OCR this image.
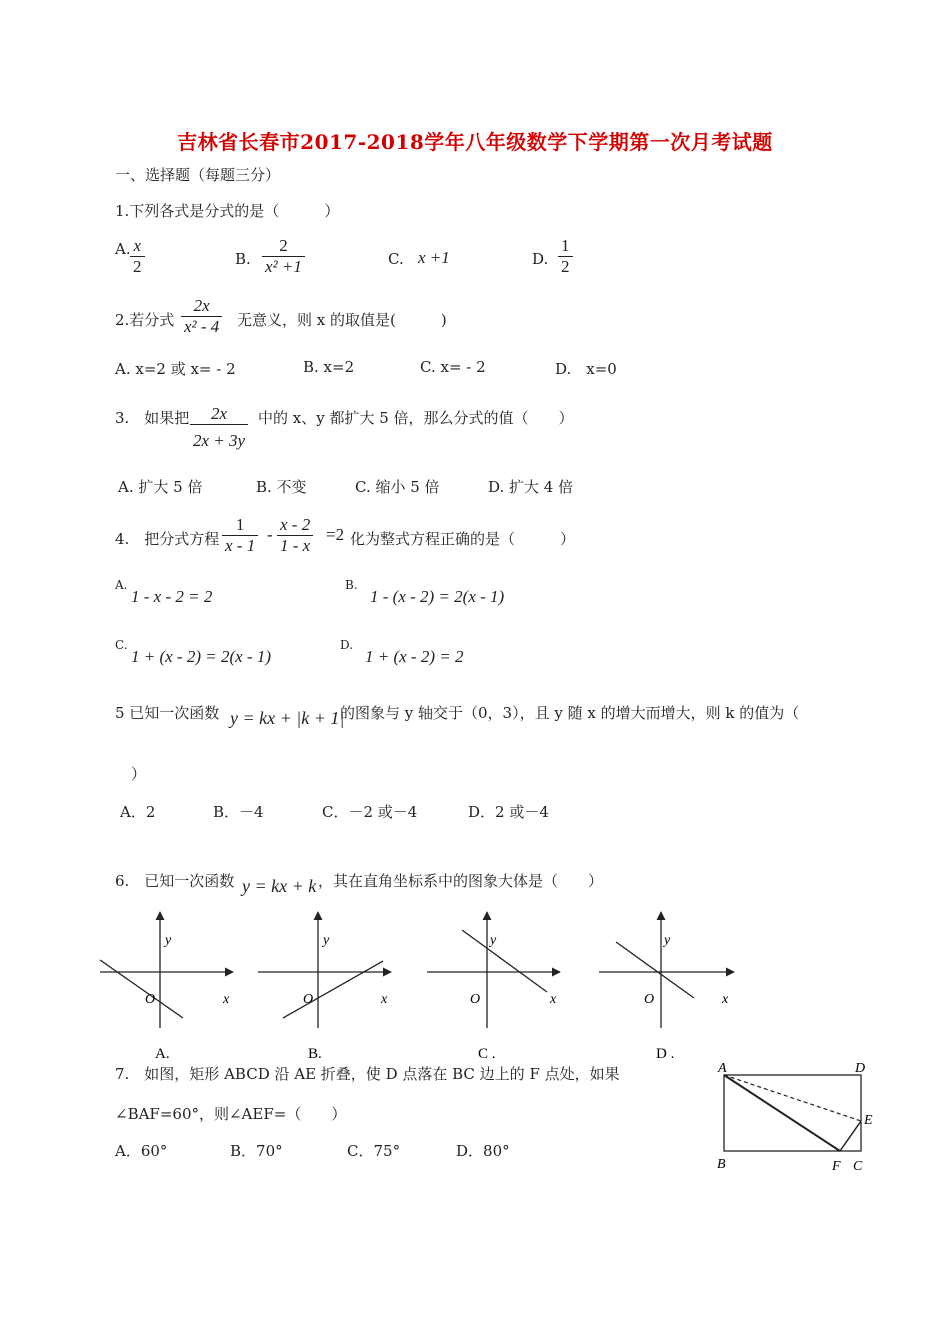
吉林省长春市2017-2018学年八年级数学下学期第一次月考试题
一、选择题（每题三分）
1.下列各式是分式的是（　　　）
A. $\frac{x}{2}$	B. $\frac{2}{\text{x² +1}}$	C. x +1	D. $\frac{1}{2}$
2.若分式 $\frac{2x}{\text{x² - 4}}$ 无意义，则 x 的取值是(　　　)
A. x=2 或 x= - 2	B. x=2	C. x= - 2	D.　x=0
3.　如果把 $\frac{2x}{2x + 3y}$ 中的 x、y 都扩大 5 倍，那么分式的值（　　）
A. 扩大 5 倍	B. 不变	C. 缩小 5 倍	D. 扩大 4 倍
4.　把分式方程 $\frac{1}{x - 1} - \frac{x - 2}{1 - x} =2$ 化为整式方程正确的是（　　　）
A.
1 - x - 2 = 2
B.
1 - (x - 2) = 2(x - 1)
C.
1 + (x - 2) = 2(x - 1)
D.
1 + (x - 2) = 2
5 已知一次函数 y = kx + |k + 1|
的图象与 y 轴交于（0，3），且 y 随 x 的增大而增大，则 k 的值为（
）
A．2	B．－4	C．－2 或－4	D．2 或－4
6.　已知一次函数 y = kx + k ，其在直角坐标系中的图象大体是（　　）
y
x
O
A.
y
x
O
B.
y
x
O
C .
y
x
O
D .
7.　如图，矩形 ABCD 沿 AE 折叠，使 D 点落在 BC 边上的 F 点处，如果
∠BAF=60°，则∠AEF=（　　）
A．60°	B．70°	C．75°	D．80°
A	D
E
B	F C
